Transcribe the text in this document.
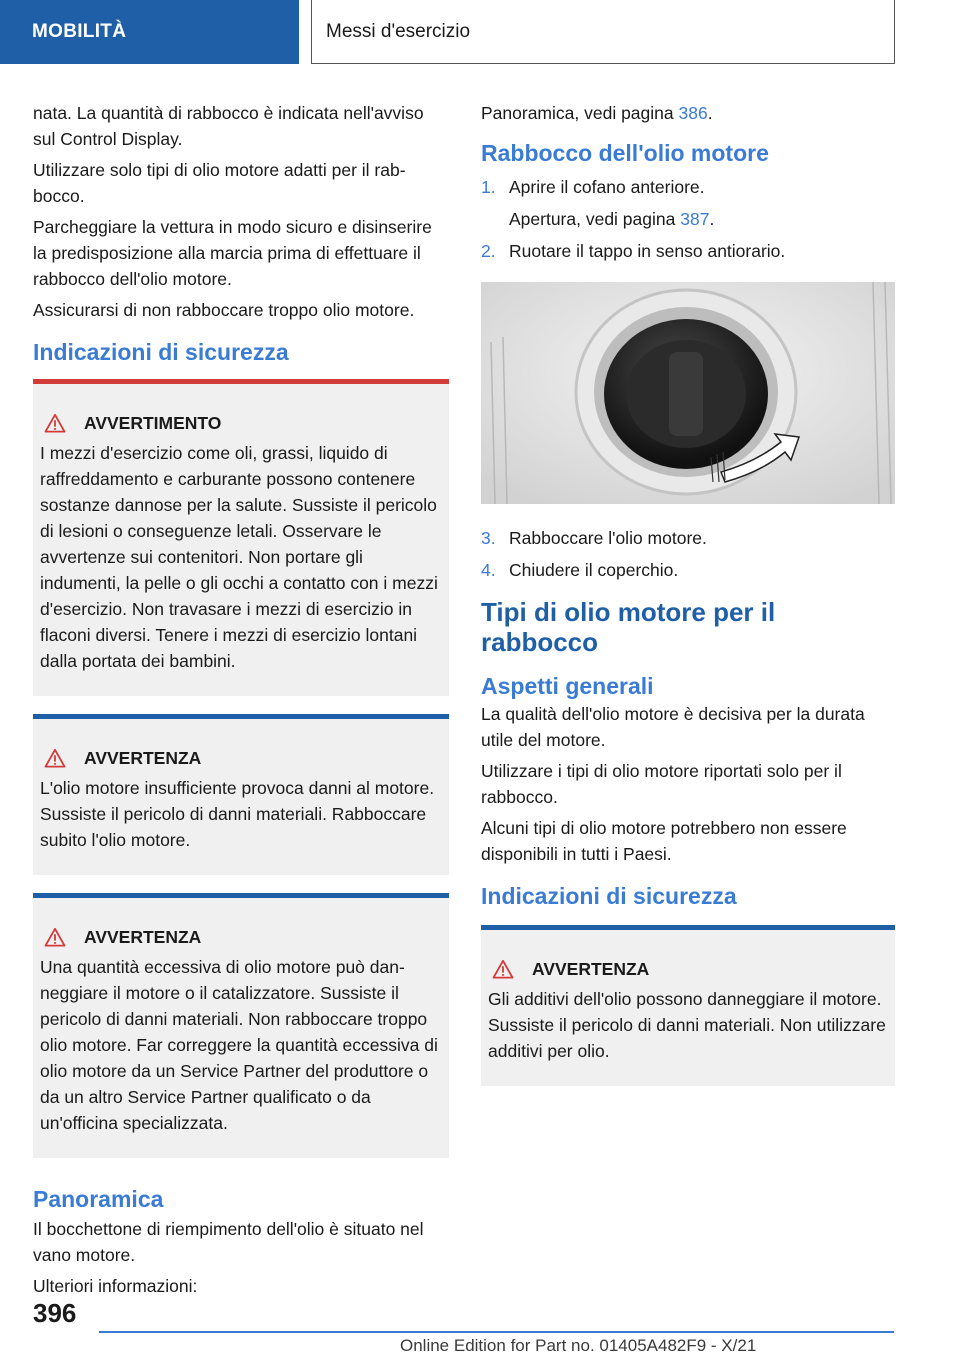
MOBILITÀ	Messi d'esercizio

nata. La quantità di rabbocco è indicata nell'avviso sul Control Display.

Utilizzare solo tipi di olio motore adatti per il rabbocco.

Parcheggiare la vettura in modo sicuro e disinserire la predisposizione alla marcia prima di effettuare il rabbocco dell'olio motore.

Assicurarsi di non rabboccare troppo olio motore.

Indicazioni di sicurezza
AVVERTIMENTO
I mezzi d'esercizio come oli, grassi, liquido di raffreddamento e carburante possono contenere sostanze dannose per la salute. Sussiste il pericolo di lesioni o conseguenze letali. Osservare le avvertenze sui contenitori. Non portare gli indumenti, la pelle o gli occhi a contatto con i mezzi d'esercizio. Non travasare i mezzi di esercizio in flaconi diversi. Tenere i mezzi di esercizio lontani dalla portata dei bambini.
AVVERTENZA
L'olio motore insufficiente provoca danni al motore. Sussiste il pericolo di danni materiali. Rabboccare subito l'olio motore.
AVVERTENZA
Una quantità eccessiva di olio motore può danneggiare il motore o il catalizzatore. Sussiste il pericolo di danni materiali. Non rabboccare troppo olio motore. Far correggere la quantità eccessiva di olio motore da un Service Partner del produttore o da un altro Service Partner qualificato o da un'officina specializzata.
Panoramica

Il bocchettone di riempimento dell'olio è situato nel vano motore.

Ulteriori informazioni:

Panoramica, vedi pagina 386.

Rabbocco dell'olio motore
1. Aprire il cofano anteriore.
Apertura, vedi pagina 387.
2. Ruotare il tappo in senso antiorario.
3. Rabboccare l'olio motore.
4. Chiudere il coperchio.
Tipi di olio motore per il rabbocco
Aspetti generali

La qualità dell'olio motore è decisiva per la durata utile del motore.

Utilizzare i tipi di olio motore riportati solo per il rabbocco.

Alcuni tipi di olio motore potrebbero non essere disponibili in tutti i Paesi.

Indicazioni di sicurezza
AVVERTENZA
Gli additivi dell'olio possono danneggiare il motore. Sussiste il pericolo di danni materiali. Non utilizzare additivi per olio.
396
Online Edition for Part no. 01405A482F9 - X/21
